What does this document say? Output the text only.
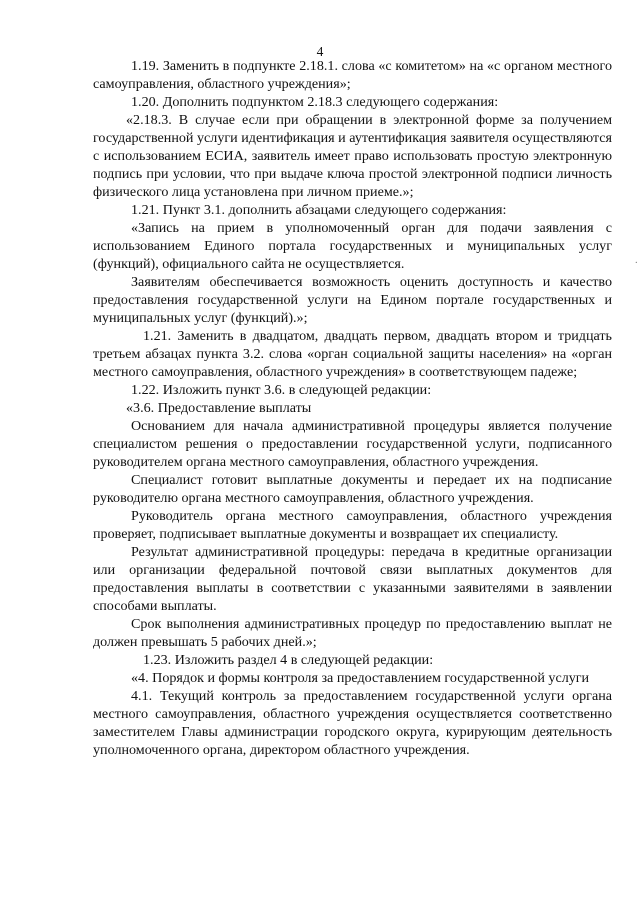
4

1.19. Заменить в подпункте 2.18.1. слова «с комитетом» на «с органом местного самоуправления, областного учреждения»;

1.20. Дополнить подпунктом 2.18.3 следующего содержания:

«2.18.3. В случае если при обращении в электронной форме за получением государственной услуги идентификация и аутентификация заявителя осуществляются с использованием ЕСИА, заявитель имеет право использовать простую электронную подпись при условии, что при выдаче ключа простой электронной подписи личность физического лица установлена при личном приеме.»;

1.21. Пункт 3.1. дополнить абзацами следующего содержания:

«Запись на прием в уполномоченный орган для подачи заявления с использованием Единого портала государственных и муниципальных услуг (функций), официального сайта не осуществляется.

Заявителям обеспечивается возможность оценить доступность и качество предоставления государственной услуги на Едином портале государственных и муниципальных услуг (функций).»;

1.21. Заменить в двадцатом, двадцать первом, двадцать втором и тридцать третьем абзацах пункта 3.2. слова «орган социальной защиты населения» на «орган местного самоуправления, областного учреждения» в соответствующем падеже;

1.22. Изложить пункт 3.6. в следующей редакции:

«3.6. Предоставление выплаты

Основанием для начала административной процедуры является получение специалистом решения о предоставлении государственной услуги, подписанного руководителем органа местного самоуправления, областного учреждения.

Специалист готовит выплатные документы и передает их на подписание руководителю органа местного самоуправления, областного учреждения.

Руководитель органа местного самоуправления, областного учреждения проверяет, подписывает выплатные документы и возвращает их специалисту.

Результат административной процедуры: передача в кредитные организации или организации федеральной почтовой связи выплатных документов для предоставления выплаты в соответствии с указанными заявителями в заявлении способами выплаты.

Срок выполнения административных процедур по предоставлению выплат не должен превышать 5 рабочих дней.»;

1.23. Изложить раздел 4 в следующей редакции:

«4. Порядок и формы контроля за предоставлением государственной услуги

4.1. Текущий контроль за предоставлением государственной услуги органа местного самоуправления, областного учреждения осуществляется соответственно заместителем Главы администрации городского округа, курирующим деятельность уполномоченного органа, директором областного учреждения.

·
